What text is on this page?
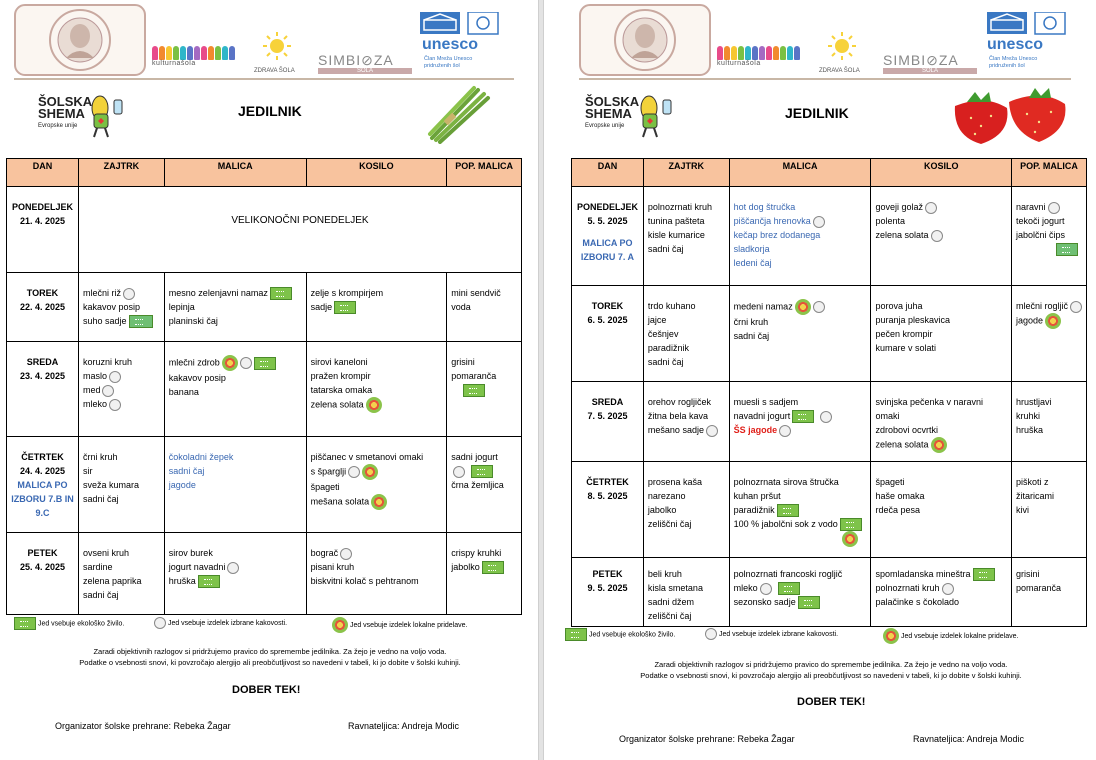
kulturnašola
ZDRAVA ŠOLA
SIMBI⊘ZA
ŠOLA
unesco
Član Mreža Unesco pridruženih šol
ŠOLSKA SHEMA
Evropske unije
JEDILNIK
DAN	ZAJTRK	MALICA	KOSILO	POP. MALICA

PONEDELJEK
21. 4. 2025	VELIKONOČNI PONEDELJEK			

TOREK
22. 4. 2025	mlečni riž
kakavov posip
suho sadje	mesno zelenjavni namaz
lepinja
planinski čaj	zelje s krompirjem
sadje	mini sendvič
voda

SREDA
23. 4. 2025	koruzni kruh
maslo
med
mleko	mlečni zdrob
kakavov posip
banana	sirovi kaneloni
pražen krompir
tatarska omaka
zelena solata	grisini
pomaranča

ČETRTEK
24. 4. 2025
MALICA PO IZBORU 7.B IN 9.C	črni kruh
sir
sveža kumara
sadni čaj	čokoladni žepek
sadni čaj
jagode	piščanec v smetanovi omaki
s šparglji
špageti
mešana solata	sadni jogurt
črna žemljica

PETEK
25. 4. 2025	ovseni kruh
sardine
zelena paprika
sadni čaj	sirov burek
jogurt navadni
hruška	bograč
pisani kruh
biskvitni kolač s pehtranom	crispy kruhki
jabolko
Jed vsebuje ekološko živilo.	Jed vsebuje izdelek izbrane kakovosti.	Jed vsebuje izdelek lokalne pridelave.
Zaradi objektivnih razlogov si pridržujemo pravico do spremembe jedilnika. Za žejo je vedno na voljo voda.
Podatke o vsebnosti snovi, ki povzročajo alergijo ali preobčutljivost so navedeni v tabeli, ki jo dobite v šolski kuhinji.
DOBER TEK!
Organizator šolske prehrane: Rebeka Žagar	Ravnateljica: Andreja Modic
kulturnašola
ZDRAVA ŠOLA
SIMBI⊘ZA
ŠOLA
unesco
Član Mreža Unesco pridruženih šol
ŠOLSKA SHEMA
Evropske unije
JEDILNIK
DAN	ZAJTRK	MALICA	KOSILO	POP. MALICA

PONEDELJEK
5. 5. 2025
MALICA PO IZBORU 7. A	polnozrnati kruh
tunina pašteta
kisle kumarice
sadni čaj	hot dog štručka
piščančja hrenovka
kečap brez dodanega
sladkorja
ledeni čaj	goveji golaž
polenta
zelena solata	naravni
tekoči jogurt
jabolčni čips

TOREK
6. 5. 2025	trdo kuhano
jajce
češnjev
paradižnik
sadni čaj	medeni namaz
črni kruh
sadni čaj	porova juha
puranja pleskavica
pečen krompir
kumare v solati	mlečni rogljič
jagode

SREDA
7. 5. 2025	orehov rogljiček
žitna bela kava
mešano sadje	muesli s sadjem
navadni jogurt
ŠS jagode	svinjska pečenka v naravni
omaki
zdrobovi ocvrtki
zelena solata	hrustljavi
kruhki
hruška

ČETRTEK
8. 5. 2025	prosena kaša
narezano
jabolko
zeliščni čaj	polnozrnata sirova štručka
kuhan pršut
paradižnik
100 % jabolčni sok z vodo	špageti
haše omaka
rdeča pesa	piškoti z
žitaricami
kivi

PETEK
9. 5. 2025	beli kruh
kisla smetana
sadni džem
zeliščni čaj	polnozrnati francoski rogljič
mleko
sezonsko sadje	spomladanska mineštra
polnozrnati kruh
palačinke s čokolado	grisini
pomaranča
Jed vsebuje ekološko živilo.	Jed vsebuje izdelek izbrane kakovosti.	Jed vsebuje izdelek lokalne pridelave.
Zaradi objektivnih razlogov si pridržujemo pravico do spremembe jedilnika. Za žejo je vedno na voljo voda.
Podatke o vsebnosti snovi, ki povzročajo alergijo ali preobčutljivost so navedeni v tabeli, ki jo dobite v šolski kuhinji.
DOBER TEK!
Organizator šolske prehrane: Rebeka Žagar	Ravnateljica: Andreja Modic
